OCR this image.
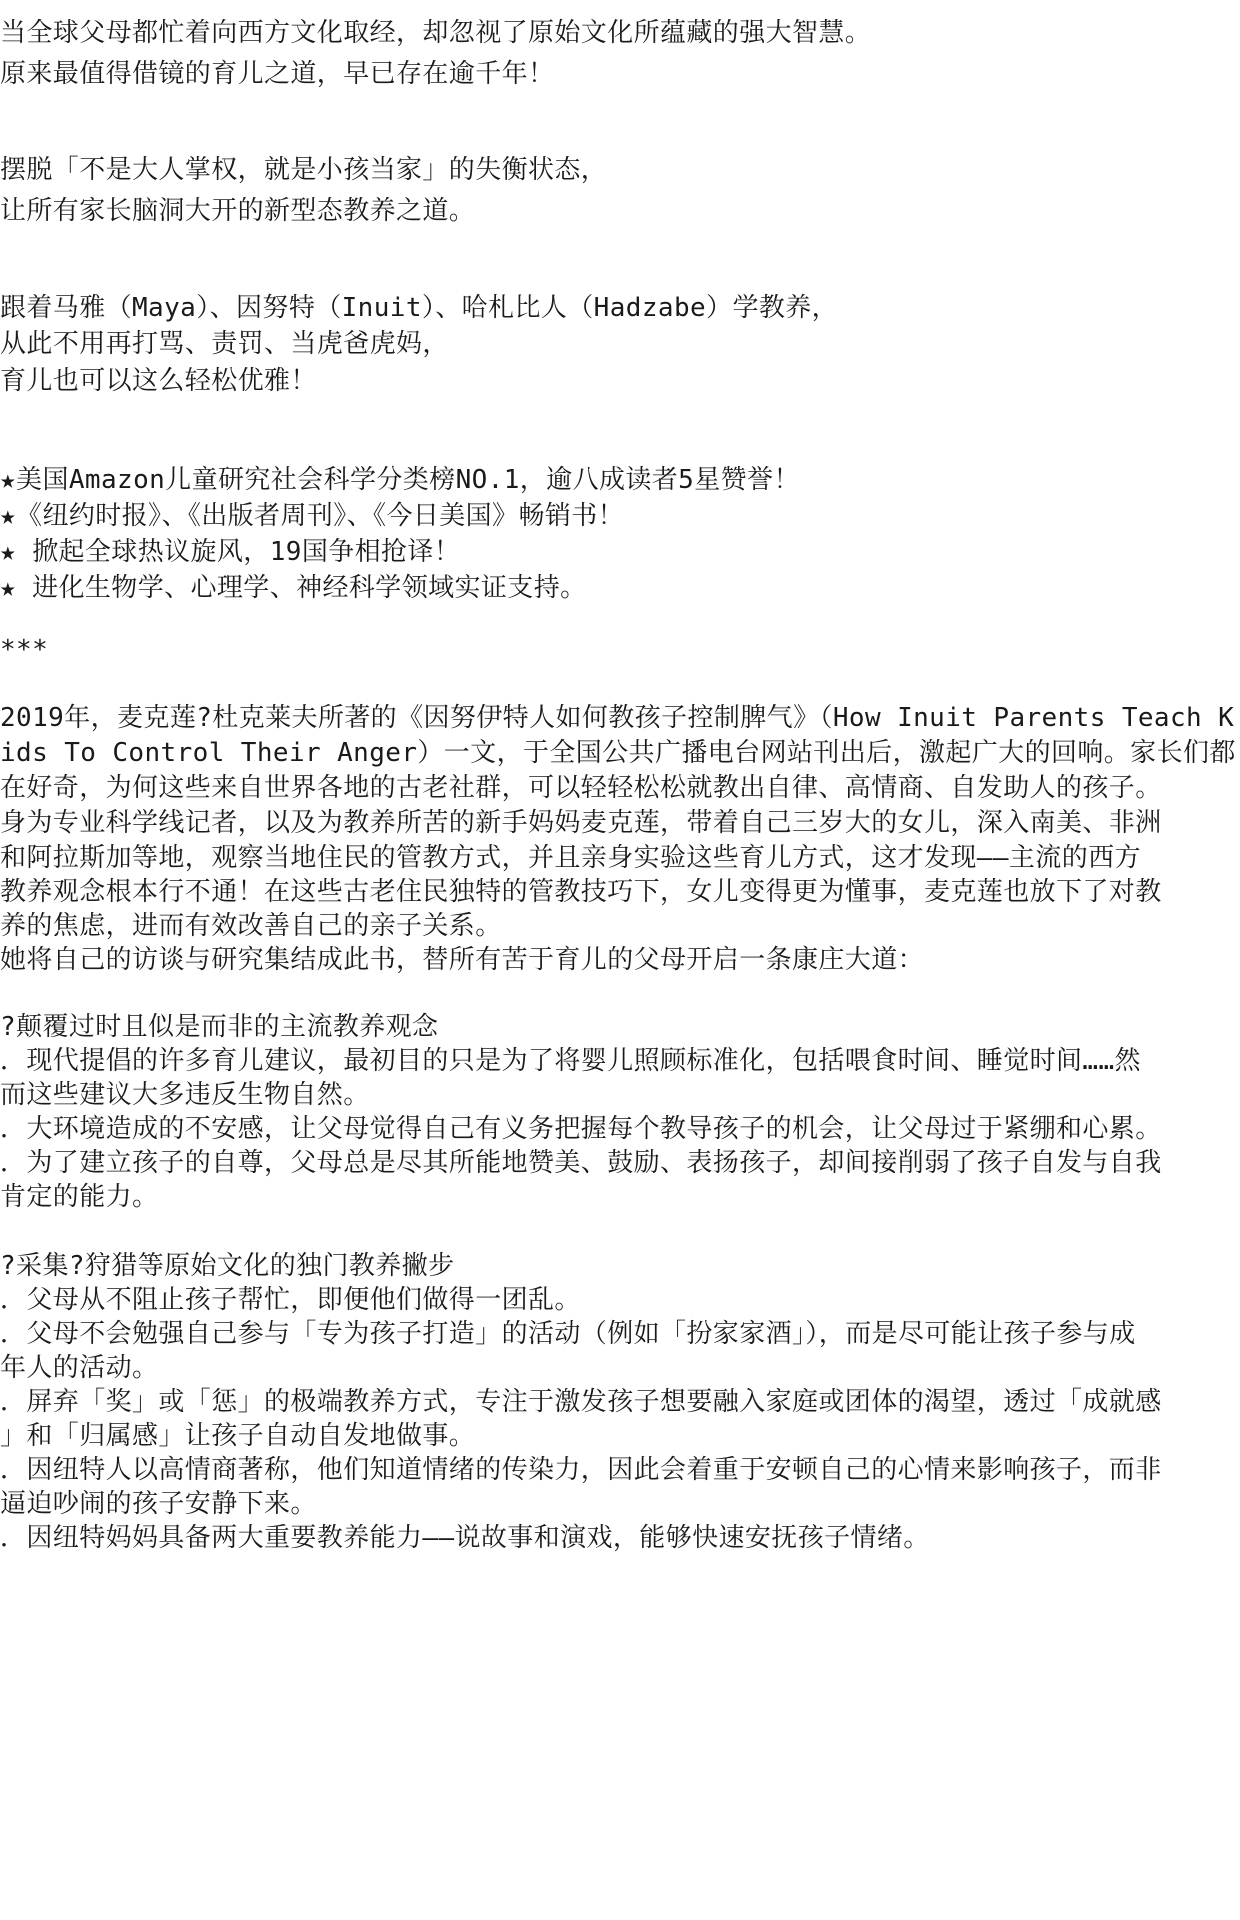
当全球父母都忙着向西方文化取经，却忽视了原始文化所蕴藏的强大智慧。
原来最值得借镜的育儿之道，早已存在逾千年！
摆脱「不是大人掌权，就是小孩当家」的失衡状态，
让所有家长脑洞大开的新型态教养之道。
跟着马雅（Maya）、因努特（Inuit）、哈札比人（Hadzabe）学教养，
从此不用再打骂、责罚、当虎爸虎妈，
育儿也可以这么轻松优雅！
★美国Amazon儿童研究社会科学分类榜NO.1，逾八成读者5星赞誉！
★《纽约时报》、《出版者周刊》、《今日美国》畅销书！
★ 掀起全球热议旋风，19国争相抢译！
★ 进化生物学、心理学、神经科学领域实证支持。
***
2019年，麦克莲?杜克莱夫所著的《因努伊特人如何教孩子控制脾气》（How Inuit Parents Teach K
ids To Control Their Anger）一文，于全国公共广播电台网站刊出后，激起广大的回响。家长们都
在好奇，为何这些来自世界各地的古老社群，可以轻轻松松就教出自律、高情商、自发助人的孩子。
身为专业科学线记者，以及为教养所苦的新手妈妈麦克莲，带着自己三岁大的女儿，深入南美、非洲
和阿拉斯加等地，观察当地住民的管教方式，并且亲身实验这些育儿方式，这才发现——主流的西方
教养观念根本行不通！在这些古老住民独特的管教技巧下，女儿变得更为懂事，麦克莲也放下了对教
养的焦虑，进而有效改善自己的亲子关系。
她将自己的访谈与研究集结成此书，替所有苦于育儿的父母开启一条康庄大道：
?颠覆过时且似是而非的主流教养观念
．现代提倡的许多育儿建议，最初目的只是为了将婴儿照顾标准化，包括喂食时间、睡觉时间……然
而这些建议大多违反生物自然。
．大环境造成的不安感，让父母觉得自己有义务把握每个教导孩子的机会，让父母过于紧绷和心累。
．为了建立孩子的自尊，父母总是尽其所能地赞美、鼓励、表扬孩子，却间接削弱了孩子自发与自我
肯定的能力。
?采集?狩猎等原始文化的独门教养撇步
．父母从不阻止孩子帮忙，即便他们做得一团乱。
．父母不会勉强自己参与「专为孩子打造」的活动（例如「扮家家酒」），而是尽可能让孩子参与成
年人的活动。
．屏弃「奖」或「惩」的极端教养方式，专注于激发孩子想要融入家庭或团体的渴望，透过「成就感
」和「归属感」让孩子自动自发地做事。
．因纽特人以高情商著称，他们知道情绪的传染力，因此会着重于安顿自己的心情来影响孩子，而非
逼迫吵闹的孩子安静下来。
．因纽特妈妈具备两大重要教养能力——说故事和演戏，能够快速安抚孩子情绪。
